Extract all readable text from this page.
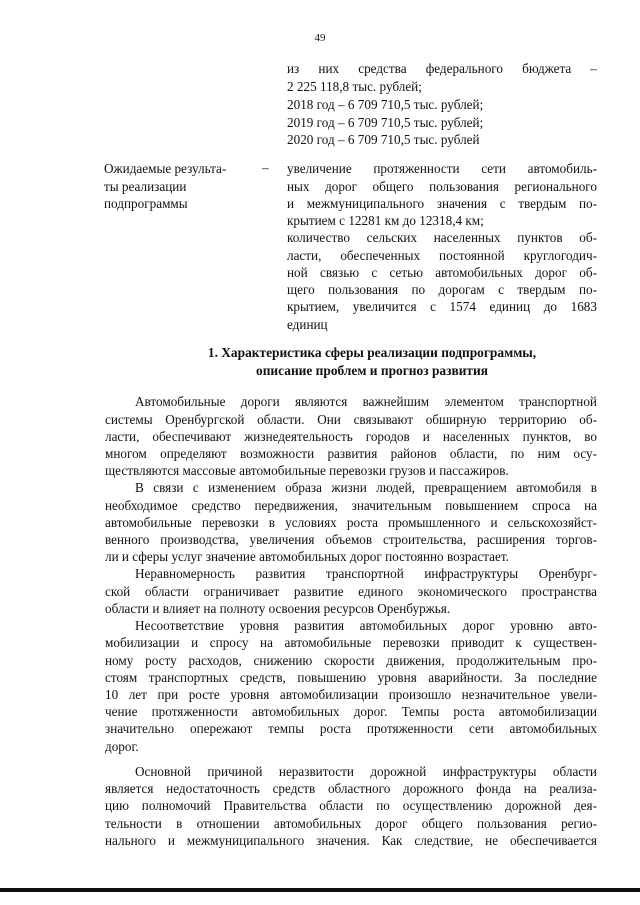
49
из них средства федерального бюджета –
2 225 118,8 тыс. рублей;
2018 год – 6 709 710,5 тыс. рублей;
2019 год – 6 709 710,5 тыс. рублей;
2020 год – 6 709 710,5 тыс. рублей
Ожидаемые результа-
ты реализации
подпрограммы
– увеличение протяженности сети автомобиль-
ных дорог общего пользования регионального
и межмуниципального значения с твердым по-
крытием с 12281 км до 12318,4 км;
количество сельских населенных пунктов об-
ласти, обеспеченных постоянной круглогодич-
ной связью с сетью автомобильных дорог об-
щего пользования по дорогам с твердым по-
крытием, увеличится с 1574 единиц до 1683
единиц
1. Характеристика сферы реализации подпрограммы,
описание проблем и прогноз развития
Автомобильные дороги являются важнейшим элементом транспортной
системы Оренбургской области. Они связывают обширную территорию об-
ласти, обеспечивают жизнедеятельность городов и населенных пунктов, во
многом определяют возможности развития районов области, по ним осу-
ществляются массовые автомобильные перевозки грузов и пассажиров.
В связи с изменением образа жизни людей, превращением автомобиля в
необходимое средство передвижения, значительным повышением спроса на
автомобильные перевозки в условиях роста промышленного и сельскохозяйст-
венного производства, увеличения объемов строительства, расширения торгов-
ли и сферы услуг значение автомобильных дорог постоянно возрастает.
Неравномерность развития транспортной инфраструктуры Оренбург-
ской области ограничивает развитие единого экономического пространства
области и влияет на полноту освоения ресурсов Оренбуржья.
Несоответствие уровня развития автомобильных дорог уровню авто-
мобилизации и спросу на автомобильные перевозки приводит к существен-
ному росту расходов, снижению скорости движения, продолжительным про-
стоям транспортных средств, повышению уровня аварийности. За последние
10 лет при росте уровня автомобилизации произошло незначительное увели-
чение протяженности автомобильных дорог. Темпы роста автомобилизации
значительно опережают темпы роста протяженности сети автомобильных
дорог.
Основной причиной неразвитости дорожной инфраструктуры области
является недостаточность средств областного дорожного фонда на реализа-
цию полномочий Правительства области по осуществлению дорожной дея-
тельности в отношении автомобильных дорог общего пользования регио-
нального и межмуниципального значения. Как следствие, не обеспечивается
